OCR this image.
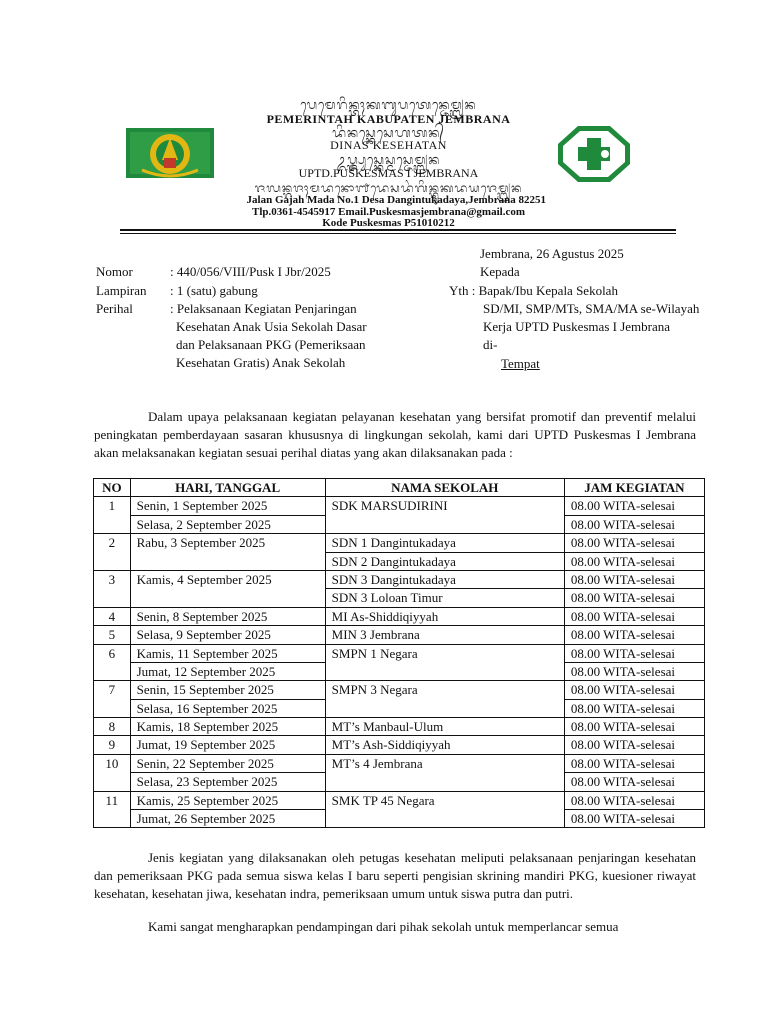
ᬧᬾᬫᬾᬭᬶᬦ᭄ᬢᬄᬓᬩᬸᬧᬢᬾᬦ᭄ᬚᬾᬫ᭄ᬩ᭄ᬭᬦ
PEMERINTAH KABUPATEN JEMBRANA
ᬤᬶᬦᬲ᭄ᬓᬾᬲᬾᬳᬢᬦ᭄
DINAS KESEHATAN
ᬉᬧ᭄ᬢ᭄ᬤ᭄ᬧᬸᬲ᭄ᬓᬾᬲ᭄ᬫᬲ᭄ᬚᬾᬫ᭄ᬩ᭄ᬭᬦ
UPTD.PUSKESMAS I JEMBRANA
ᬚᬮᬦ᭄ᬕᬚᬄᬫᬤᬦᭀ᭑ᬤᬾᬲᬤᬂᬕᬶᬦ᭄ᬢᬸᬓᬤᬬᬚᬾᬫ᭄ᬩ᭄ᬭᬦ
Jalan Gajah Mada No.1 Desa Dangintukadaya,Jembrana 82251
Tlp.0361-4545917 Email.Puskesmasjembrana@gmail.com
Kode Puskesmas P51010212
Jembrana, 26 Agustus 2025
Kepada
Nomor	: 440/056/VIII/Pusk I Jbr/2025
Lampiran : 1 (satu) gabung
Perihal	: Pelaksanaan Kegiatan Penjaringan
Kesehatan Anak Usia Sekolah Dasar
dan Pelaksanaan PKG (Pemeriksaan
Kesehatan Gratis) Anak Sekolah
Yth : Bapak/Ibu Kepala Sekolah
SD/MI, SMP/MTs, SMA/MA se-Wilayah
Kerja UPTD Puskesmas I Jembrana
di-
Tempat
Dalam upaya pelaksanaan kegiatan pelayanan kesehatan yang bersifat promotif dan preventif melalui peningkatan pemberdayaan sasaran khususnya di lingkungan sekolah, kami dari UPTD Puskesmas I Jembrana akan melaksanakan kegiatan sesuai perihal diatas yang akan dilaksanakan pada :
NO	HARI, TANGGAL	NAMA SEKOLAH	JAM KEGIATAN
1	Senin, 1 September 2025	SDK MARSUDIRINI	08.00 WITA-selesai
	Selasa, 2 September 2025		08.00 WITA-selesai
2	Rabu, 3 September 2025	SDN 1 Dangintukadaya	08.00 WITA-selesai
		SDN 2 Dangintukadaya	08.00 WITA-selesai
3	Kamis, 4 September 2025	SDN 3 Dangintukadaya	08.00 WITA-selesai
		SDN 3 Loloan Timur	08.00 WITA-selesai
4	Senin, 8 September 2025	MI As-Shiddiqiyyah	08.00 WITA-selesai
5	Selasa, 9 September 2025	MIN 3 Jembrana	08.00 WITA-selesai
6	Kamis, 11 September 2025	SMPN 1 Negara	08.00 WITA-selesai
	Jumat, 12 September 2025		08.00 WITA-selesai
7	Senin, 15 September 2025	SMPN 3 Negara	08.00 WITA-selesai
	Selasa, 16 September 2025		08.00 WITA-selesai
8	Kamis, 18 September 2025	MT’s Manbaul-Ulum	08.00 WITA-selesai
9	Jumat, 19 September 2025	MT’s Ash-Siddiqiyyah	08.00 WITA-selesai
10	Senin, 22 September 2025	MT’s 4 Jembrana	08.00 WITA-selesai
	Selasa, 23 September 2025		08.00 WITA-selesai
11	Kamis, 25 September 2025	SMK TP 45 Negara	08.00 WITA-selesai
	Jumat, 26 September 2025		08.00 WITA-selesai
Jenis kegiatan yang dilaksanakan oleh petugas kesehatan meliputi pelaksanaan penjaringan kesehatan dan pemeriksaan PKG pada semua siswa kelas I baru seperti pengisian skrining mandiri PKG, kuesioner riwayat kesehatan, kesehatan jiwa, kesehatan indra, pemeriksaan umum untuk siswa putra dan putri.
Kami sangat mengharapkan pendampingan dari pihak sekolah untuk memperlancar semua
